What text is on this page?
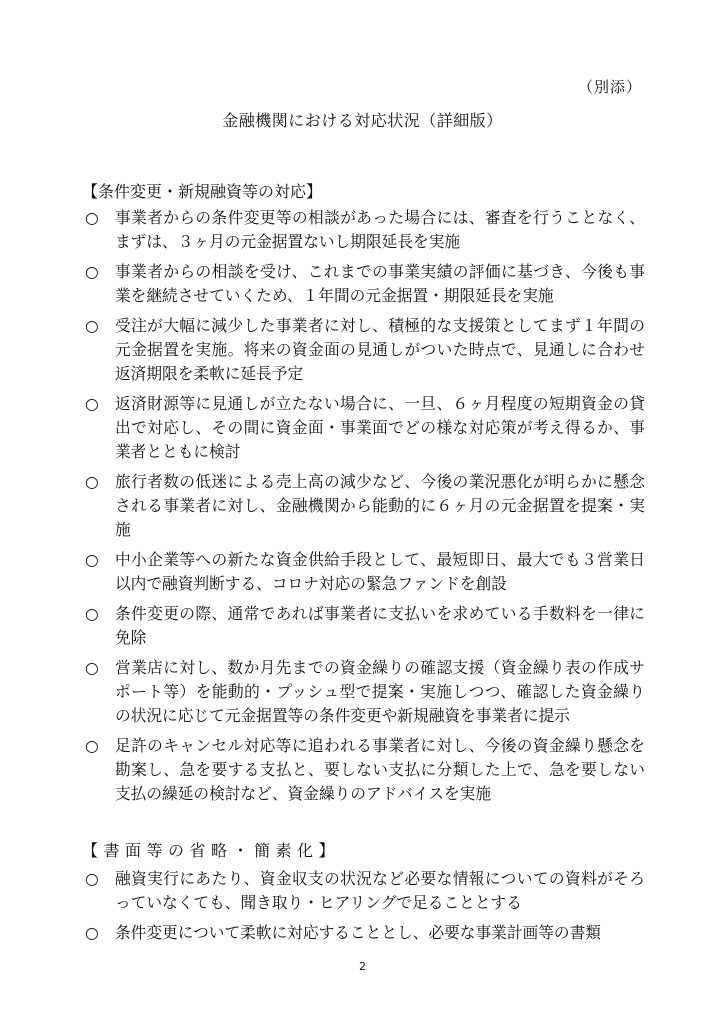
（別添）
金融機関における対応状況（詳細版）
【条件変更・新規融資等の対応】
○	事業者からの条件変更等の相談があった場合には、審査を行うことなく、まずは、３ヶ月の元金据置ないし期限延長を実施
○	事業者からの相談を受け、これまでの事業実績の評価に基づき、今後も事業を継続させていくため、１年間の元金据置・期限延長を実施
○	受注が大幅に減少した事業者に対し、積極的な支援策としてまず１年間の元金据置を実施。将来の資金面の見通しがついた時点で、見通しに合わせ返済期限を柔軟に延長予定
○	返済財源等に見通しが立たない場合に、一旦、６ヶ月程度の短期資金の貸出で対応し、その間に資金面・事業面でどの様な対応策が考え得るか、事業者とともに検討
○	旅行者数の低迷による売上高の減少など、今後の業況悪化が明らかに懸念される事業者に対し、金融機関から能動的に６ヶ月の元金据置を提案・実施
○	中小企業等への新たな資金供給手段として、最短即日、最大でも３営業日以内で融資判断する、コロナ対応の緊急ファンドを創設
○	条件変更の際、通常であれば事業者に支払いを求めている手数料を一律に免除
○	営業店に対し、数か月先までの資金繰りの確認支援（資金繰り表の作成サポート等）を能動的・プッシュ型で提案・実施しつつ、確認した資金繰りの状況に応じて元金据置等の条件変更や新規融資を事業者に提示
○	足許のキャンセル対応等に追われる事業者に対し、今後の資金繰り懸念を勘案し、急を要する支払と、要しない支払に分類した上で、急を要しない支払の繰延の検討など、資金繰りのアドバイスを実施
【書面等の省略・簡素化】
○	融資実行にあたり、資金収支の状況など必要な情報についての資料がそろっていなくても、聞き取り・ヒアリングで足ることとする
○	条件変更について柔軟に対応することとし、必要な事業計画等の書類
2
